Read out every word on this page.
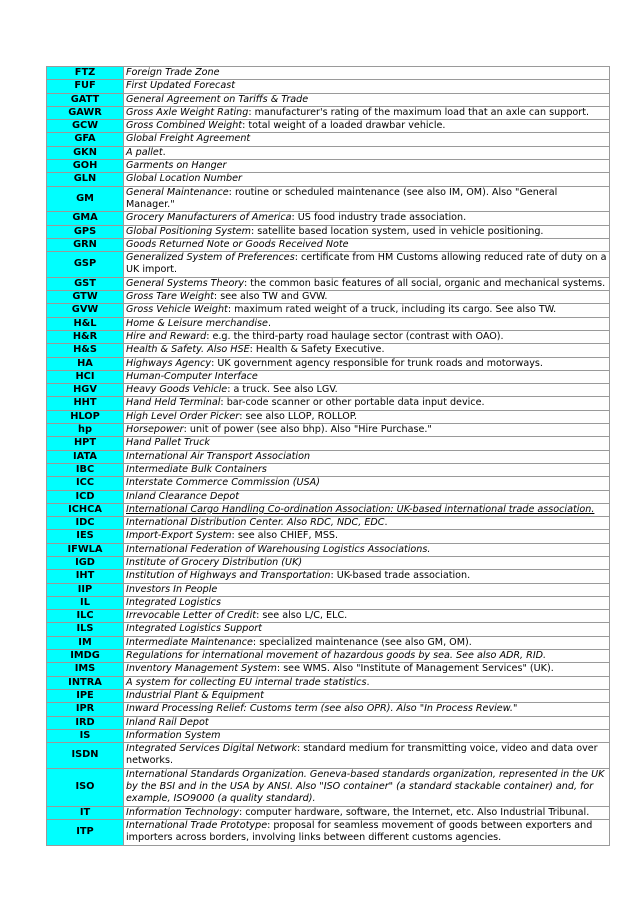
FTZ	Foreign Trade Zone
FUF	First Updated Forecast
GATT	General Agreement on Tariffs & Trade
GAWR	Gross Axle Weight Rating: manufacturer's rating of the maximum load that an axle can support.
GCW	Gross Combined Weight: total weight of a loaded drawbar vehicle.
GFA	Global Freight Agreement
GKN	A pallet.
GOH	Garments on Hanger
GLN	Global Location Number
GM	General Maintenance: routine or scheduled maintenance (see also IM, OM). Also "General Manager."
GMA	Grocery Manufacturers of America: US food industry trade association.
GPS	Global Positioning System: satellite based location system, used in vehicle positioning.
GRN	Goods Returned Note or Goods Received Note
GSP	Generalized System of Preferences: certificate from HM Customs allowing reduced rate of duty on a UK import.
GST	General Systems Theory: the common basic features of all social, organic and mechanical systems.
GTW	Gross Tare Weight: see also TW and GVW.
GVW	Gross Vehicle Weight: maximum rated weight of a truck, including its cargo. See also TW.
H&L	Home & Leisure merchandise.
H&R	Hire and Reward: e.g. the third-party road haulage sector (contrast with OAO).
H&S	Health & Safety. Also HSE: Health & Safety Executive.
HA	Highways Agency: UK government agency responsible for trunk roads and motorways.
HCI	Human-Computer Interface
HGV	Heavy Goods Vehicle: a truck. See also LGV.
HHT	Hand Held Terminal: bar-code scanner or other portable data input device.
HLOP	High Level Order Picker: see also LLOP, ROLLOP.
hp	Horsepower: unit of power (see also bhp). Also "Hire Purchase."
HPT	Hand Pallet Truck
IATA	International Air Transport Association
IBC	Intermediate Bulk Containers
ICC	Interstate Commerce Commission (USA)
ICD	Inland Clearance Depot
ICHCA	International Cargo Handling Co-ordination Association: UK-based international trade association.
IDC	International Distribution Center. Also RDC, NDC, EDC.
IES	Import-Export System: see also CHIEF, MSS.
IFWLA	International Federation of Warehousing Logistics Associations.
IGD	Institute of Grocery Distribution (UK)
IHT	Institution of Highways and Transportation: UK-based trade association.
IIP	Investors In People
IL	Integrated Logistics
ILC	Irrevocable Letter of Credit: see also L/C, ELC.
ILS	Integrated Logistics Support
IM	Intermediate Maintenance: specialized maintenance (see also GM, OM).
IMDG	Regulations for international movement of hazardous goods by sea. See also ADR, RID.
IMS	Inventory Management System: see WMS. Also "Institute of Management Services" (UK).
INTRA	A system for collecting EU internal trade statistics.
IPE	Industrial Plant & Equipment
IPR	Inward Processing Relief: Customs term (see also OPR). Also "In Process Review."
IRD	Inland Rail Depot
IS	Information System
ISDN	Integrated Services Digital Network: standard medium for transmitting voice, video and data over networks.
ISO	International Standards Organization. Geneva-based standards organization, represented in the UK by the BSI and in the USA by ANSI. Also "ISO container" (a standard stackable container) and, for example, ISO9000 (a quality standard).
IT	Information Technology: computer hardware, software, the Internet, etc. Also Industrial Tribunal.
ITP	International Trade Prototype: proposal for seamless movement of goods between exporters and importers across borders, involving links between different customs agencies.
